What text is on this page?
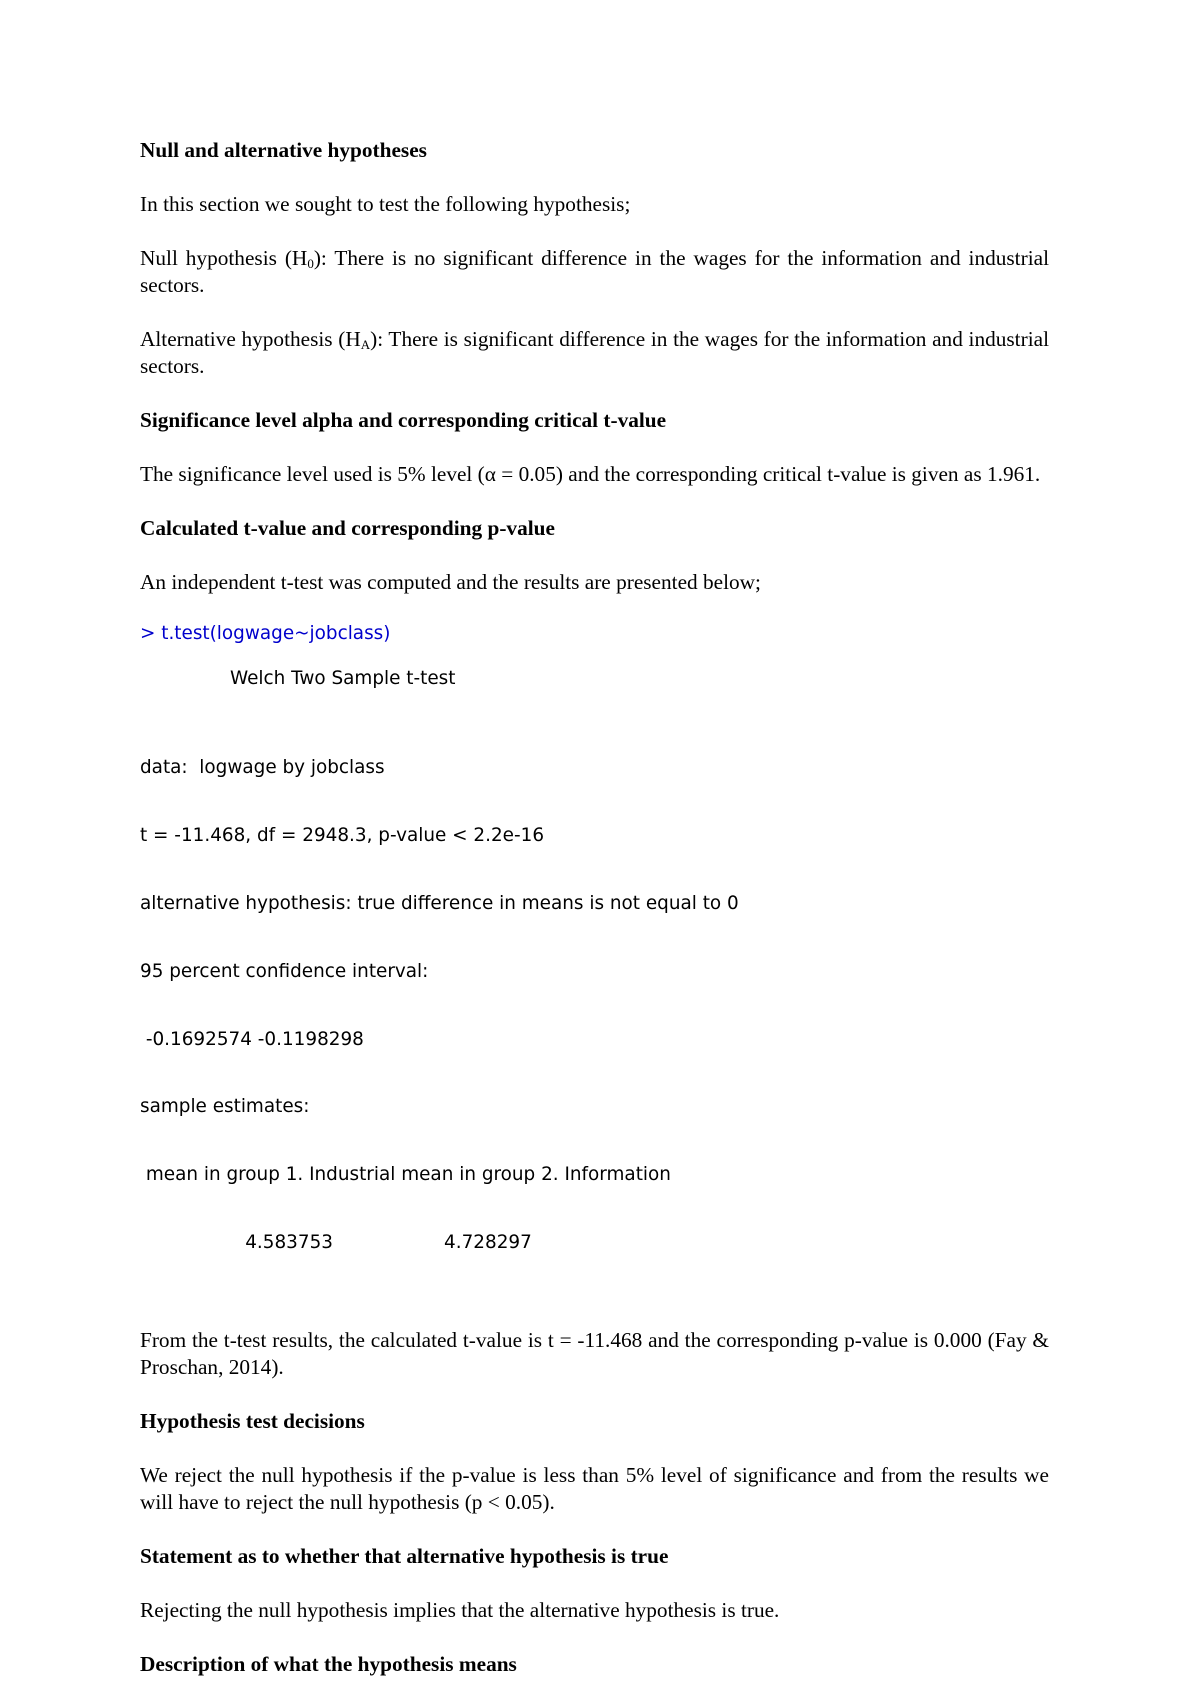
Null and alternative hypotheses
In this section we sought to test the following hypothesis;
Null hypothesis $(H_0)$: There is no significant difference in the wages for the information and industrial sectors.
Alternative hypothesis $(H_A)$: There is significant difference in the wages for the information and industrial sectors.
Significance level alpha and corresponding critical t-value
The significance level used is 5% level (α = 0.05) and the corresponding critical t-value is given as 1.961.
Calculated t-value and corresponding p-value
An independent t-test was computed and the results are presented below;
> t.test(logwage~jobclass)
	Welch Two Sample t-test

data:  logwage by jobclass

t = -11.468, df = 2948.3, p-value < 2.2e-16

alternative hypothesis: true difference in means is not equal to 0

95 percent confidence interval:

-0.1692574 -0.1198298

sample estimates:

mean in group 1. Industrial mean in group 2. Information

4.583753                   4.728297

From the t-test results, the calculated t-value is t = -11.468 and the corresponding p-value is 0.000 (Fay & Proschan, 2014).
Hypothesis test decisions
We reject the null hypothesis if the p-value is less than 5% level of significance and from the results we will have to reject the null hypothesis (p < 0.05).
Statement as to whether that alternative hypothesis is true
Rejecting the null hypothesis implies that the alternative hypothesis is true.
Description of what the hypothesis means
